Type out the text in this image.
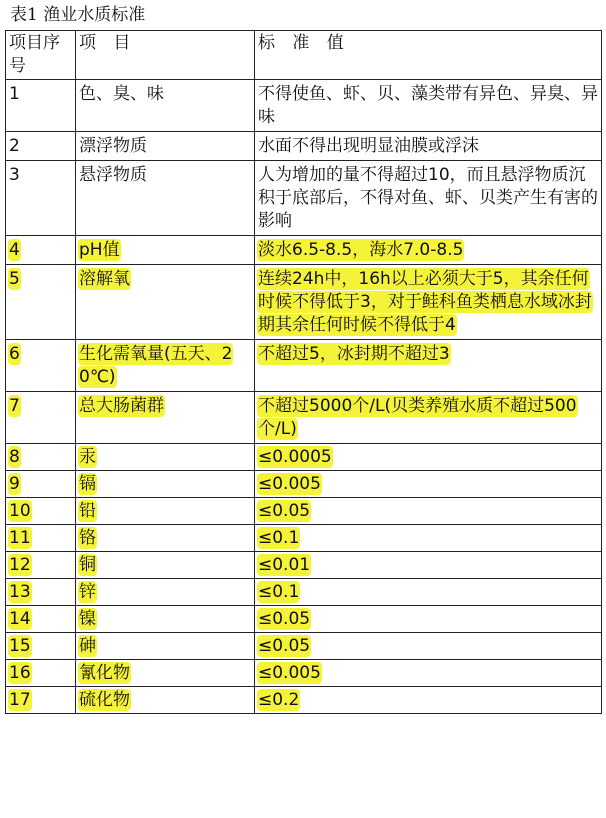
表1 渔业水质标准
项目序号	项 目	标 准 值
1	色、臭、味	不得使鱼、虾、贝、藻类带有异色、异臭、异味
2	漂浮物质	水面不得出现明显油膜或浮沫
3	悬浮物质	人为增加的量不得超过10，而且悬浮物质沉积于底部后，不得对鱼、虾、贝类产生有害的影响
4	pH值	淡水6.5-8.5，海水7.0-8.5
5	溶解氧	连续24h中，16h以上必须大于5，其余任何时候不得低于3，对于鲑科鱼类栖息水域冰封期其余任何时候不得低于4
6	生化需氧量(五天、20℃)	不超过5，冰封期不超过3
7	总大肠菌群	不超过5000个/L(贝类养殖水质不超过500个/L)
8	汞	≤0.0005
9	镉	≤0.005
10	铅	≤0.05
11	铬	≤0.1
12	铜	≤0.01
13	锌	≤0.1
14	镍	≤0.05
15	砷	≤0.05
16	氰化物	≤0.005
17	硫化物	≤0.2
